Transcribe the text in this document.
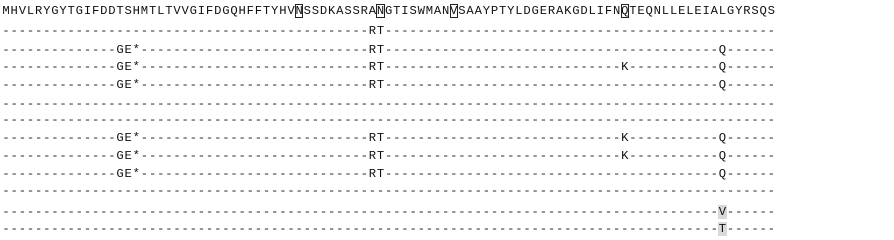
MHVLRYGYTGIFDDTSHMTLTVVGIFDGQHFFTYHVNSSDKASSRANGTISWMANVSAAYPTYLDGERAKGDLIFNQTEQNLLELEIALGYRSQS
---------------------------------------------RT------------------------------------------------
--------------GE*----------------------------RT-----------------------------------------Q------
--------------GE*----------------------------RT-----------------------------K-----------Q------
--------------GE*----------------------------RT-----------------------------------------Q------
-----------------------------------------------------------------------------------------------
-----------------------------------------------------------------------------------------------
--------------GE*----------------------------RT-----------------------------K-----------Q------
--------------GE*----------------------------RT-----------------------------K-----------Q------
--------------GE*----------------------------RT-----------------------------------------Q------
-----------------------------------------------------------------------------------------------
----------------------------------------------------------------------------------------V------
----------------------------------------------------------------------------------------T------
